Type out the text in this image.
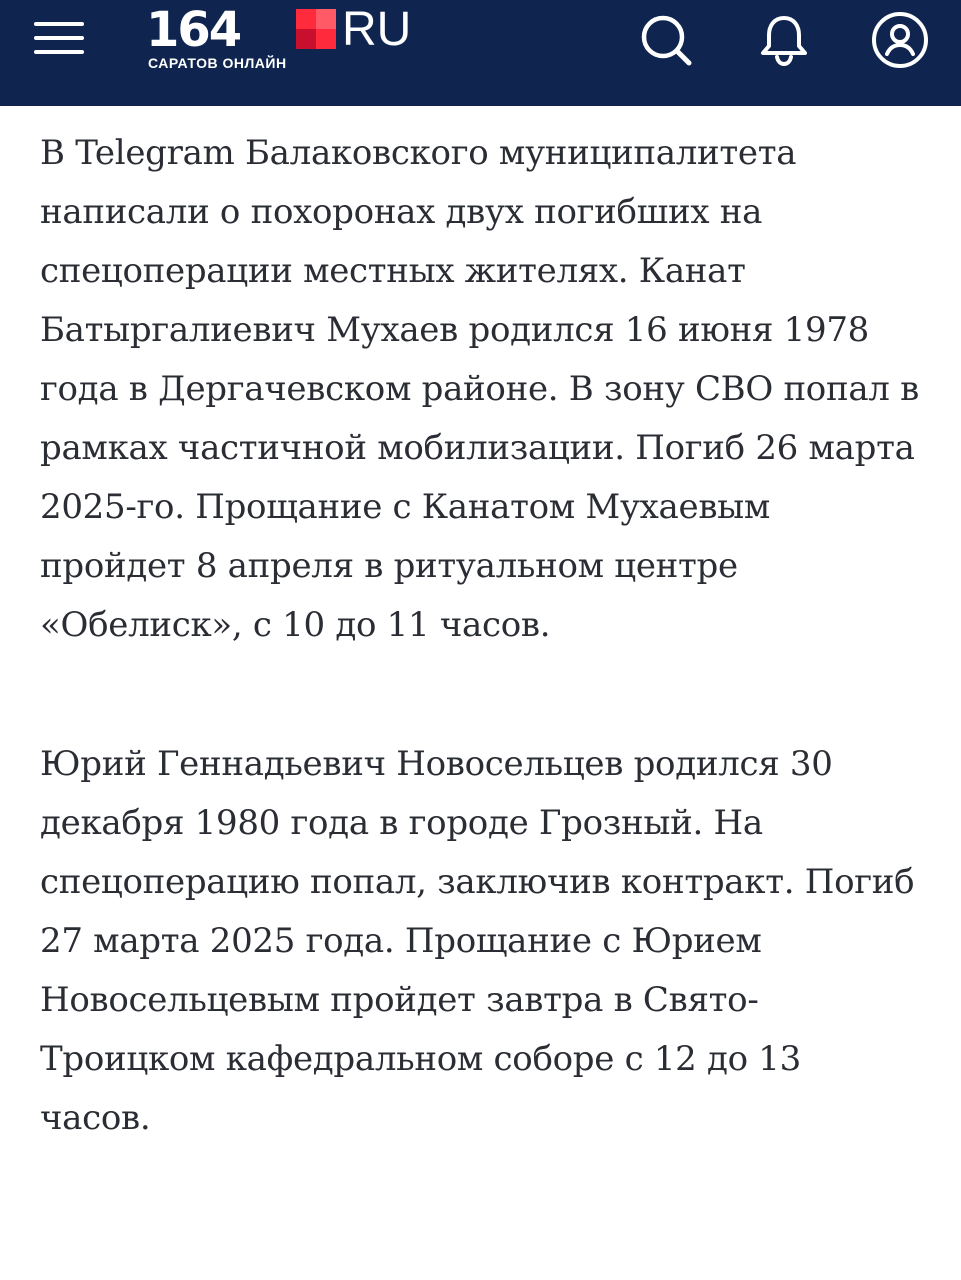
164 RU
САРАТОВ ОНЛАЙН

В Telegram Балаковского муниципалитета написали о похоронах двух погибших на спецоперации местных жителях. Канат Батыргалиевич Мухаев родился 16 июня 1978 года в Дергачевском районе. В зону СВО попал в рамках частичной мобилизации. Погиб 26 марта 2025-го. Прощание с Канатом Мухаевым пройдет 8 апреля в ритуальном центре «Обелиск», с 10 до 11 часов.

Юрий Геннадьевич Новосельцев родился 30 декабря 1980 года в городе Грозный. На спецоперацию попал, заключив контракт. Погиб 27 марта 2025 года. Прощание с Юрием Новосельцевым пройдет завтра в Свято-Троицком кафедральном соборе с 12 до 13 часов.
